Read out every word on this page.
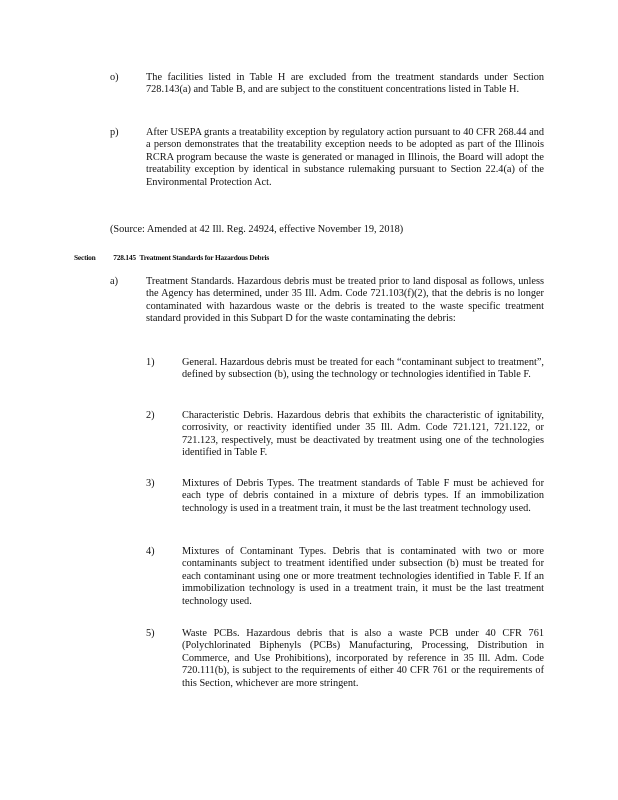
o)	The facilities listed in Table H are excluded from the treatment standards under Section 728.143(a) and Table B, and are subject to the constituent concentrations listed in Table H.
p)	After USEPA grants a treatability exception by regulatory action pursuant to 40 CFR 268.44 and a person demonstrates that the treatability exception needs to be adopted as part of the Illinois RCRA program because the waste is generated or managed in Illinois, the Board will adopt the treatability exception by identical in substance rulemaking pursuant to Section 22.4(a) of the Environmental Protection Act.
(Source: Amended at 42 Ill. Reg. 24924, effective November 19, 2018)
Section 728.145 Treatment Standards for Hazardous Debris
a)	Treatment Standards. Hazardous debris must be treated prior to land disposal as follows, unless the Agency has determined, under 35 Ill. Adm. Code 721.103(f)(2), that the debris is no longer contaminated with hazardous waste or the debris is treated to the waste specific treatment standard provided in this Subpart D for the waste contaminating the debris:
1)	General. Hazardous debris must be treated for each “contaminant subject to treatment”, defined by subsection (b), using the technology or technologies identified in Table F.
2)	Characteristic Debris. Hazardous debris that exhibits the characteristic of ignitability, corrosivity, or reactivity identified under 35 Ill. Adm. Code 721.121, 721.122, or 721.123, respectively, must be deactivated by treatment using one of the technologies identified in Table F.
3)	Mixtures of Debris Types. The treatment standards of Table F must be achieved for each type of debris contained in a mixture of debris types. If an immobilization technology is used in a treatment train, it must be the last treatment technology used.
4)	Mixtures of Contaminant Types. Debris that is contaminated with two or more contaminants subject to treatment identified under subsection (b) must be treated for each contaminant using one or more treatment technologies identified in Table F. If an immobilization technology is used in a treatment train, it must be the last treatment technology used.
5)	Waste PCBs. Hazardous debris that is also a waste PCB under 40 CFR 761 (Polychlorinated Biphenyls (PCBs) Manufacturing, Processing, Distribution in Commerce, and Use Prohibitions), incorporated by reference in 35 Ill. Adm. Code 720.111(b), is subject to the requirements of either 40 CFR 761 or the requirements of this Section, whichever are more stringent.
